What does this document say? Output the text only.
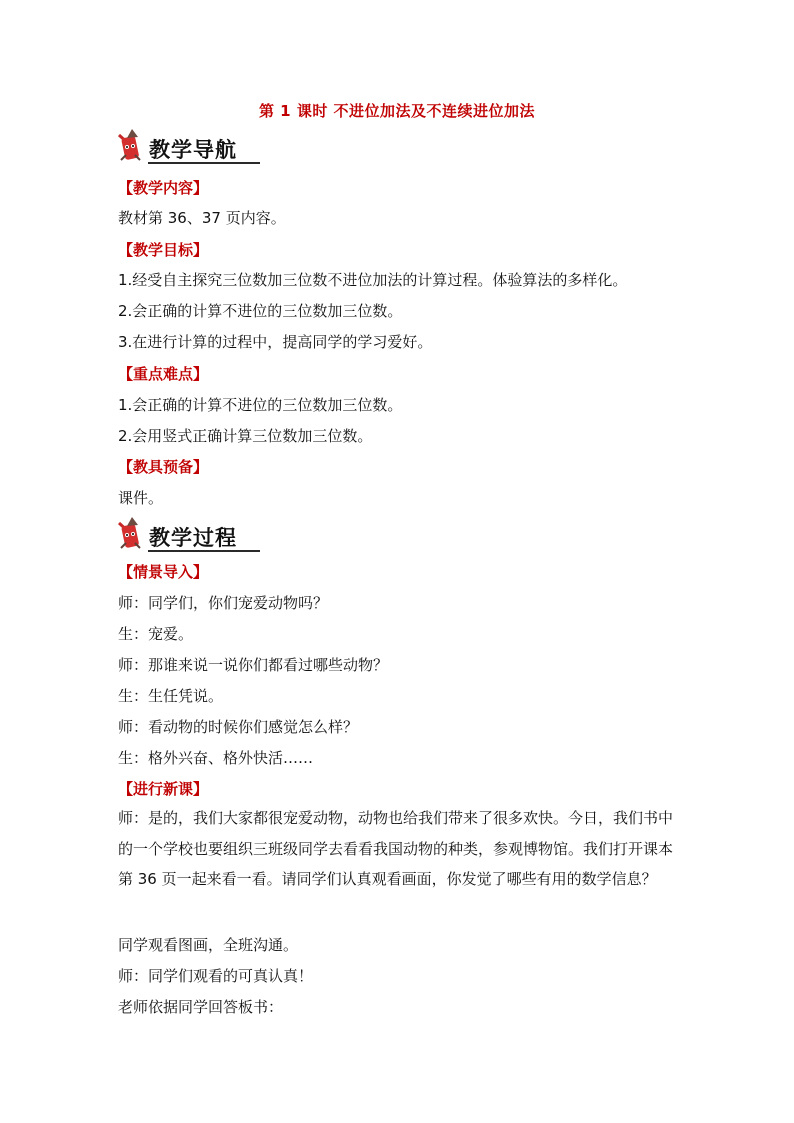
第 1 课时 不进位加法及不连续进位加法
教学导航
【教学内容】
教材第 36、37 页内容。
【教学目标】
1.经受自主探究三位数加三位数不进位加法的计算过程。体验算法的多样化。
2.会正确的计算不进位的三位数加三位数。
3.在进行计算的过程中，提高同学的学习爱好。
【重点难点】
1.会正确的计算不进位的三位数加三位数。
2.会用竖式正确计算三位数加三位数。
【教具预备】
课件。
教学过程
【情景导入】
师：同学们，你们宠爱动物吗？
生：宠爱。
师：那谁来说一说你们都看过哪些动物？
生：生任凭说。
师：看动物的时候你们感觉怎么样？
生：格外兴奋、格外快活……
【进行新课】
师：是的，我们大家都很宠爱动物，动物也给我们带来了很多欢快。今日，我们书中的一个学校也要组织三班级同学去看看我国动物的种类，参观博物馆。我们打开课本第 36 页一起来看一看。请同学们认真观看画面，你发觉了哪些有用的数学信息？
同学观看图画，全班沟通。
师：同学们观看的可真认真！
老师依据同学回答板书：
